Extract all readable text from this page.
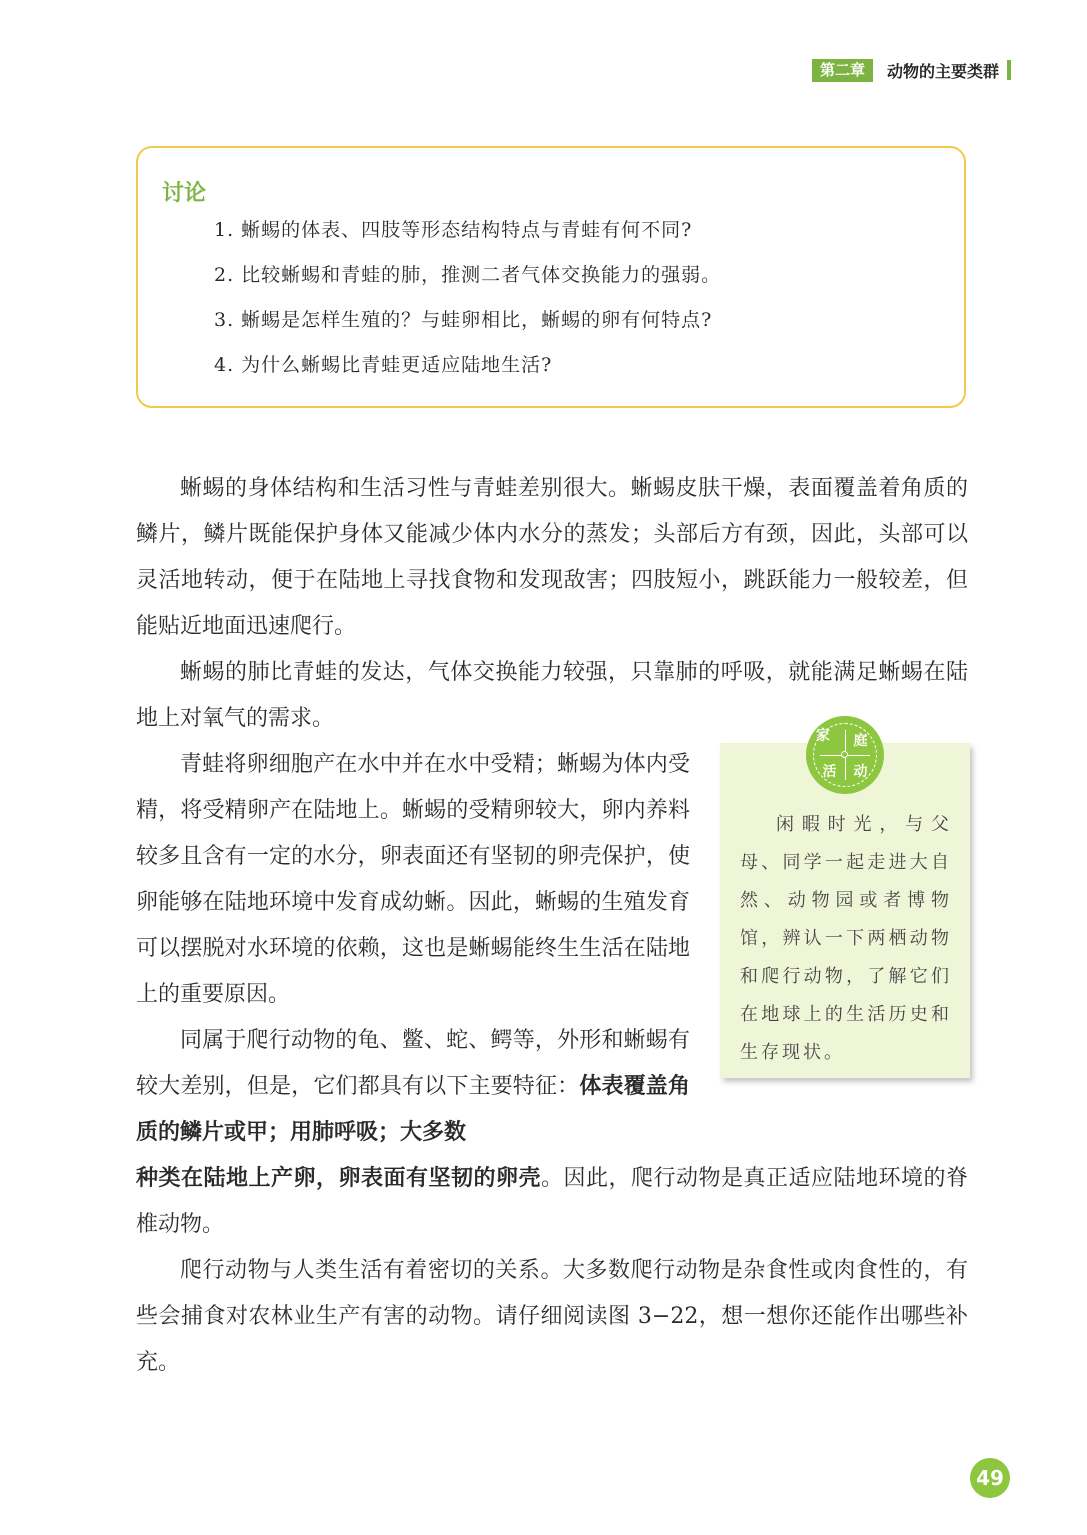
第二章	动物的主要类群
讨论
1. 蜥蜴的体表、四肢等形态结构特点与青蛙有何不同?
2. 比较蜥蜴和青蛙的肺，推测二者气体交换能力的强弱。
3. 蜥蜴是怎样生殖的？与蛙卵相比，蜥蜴的卵有何特点?
4. 为什么蜥蜴比青蛙更适应陆地生活?

蜥蜴的身体结构和生活习性与青蛙差别很大。蜥蜴皮肤干燥，表面覆盖着角质的鳞片，鳞片既能保护身体又能减少体内水分的蒸发；头部后方有颈，因此，头部可以灵活地转动，便于在陆地上寻找食物和发现敌害；四肢短小，跳跃能力一般较差，但能贴近地面迅速爬行。

蜥蜴的肺比青蛙的发达，气体交换能力较强，只靠肺的呼吸，就能满足蜥蜴在陆地上对氧气的需求。

青蛙将卵细胞产在水中并在水中受精；蜥蜴为体内受精，将受精卵产在陆地上。蜥蜴的受精卵较大，卵内养料较多且含有一定的水分，卵表面还有坚韧的卵壳保护，使卵能够在陆地环境中发育成幼蜥。因此，蜥蜴的生殖发育可以摆脱对水环境的依赖，这也是蜥蜴能终生生活在陆地上的重要原因。

同属于爬行动物的龟、鳖、蛇、鳄等，外形和蜥蜴有较大差别，但是，它们都具有以下主要特征：体表覆盖角质的鳞片或甲；用肺呼吸；大多数

种类在陆地上产卵，卵表面有坚韧的卵壳。因此，爬行动物是真正适应陆地环境的脊椎动物。

爬行动物与人类生活有着密切的关系。大多数爬行动物是杂食性或肉食性的，有些会捕食对农林业生产有害的动物。请仔细阅读图 3−22，想一想你还能作出哪些补充。

家	庭
活	动

闲暇时光，与父母、同学一起走进大自然、动物园或者博物馆，辨认一下两栖动物和爬行动物，了解它们在地球上的生活历史和生存现状。

49
